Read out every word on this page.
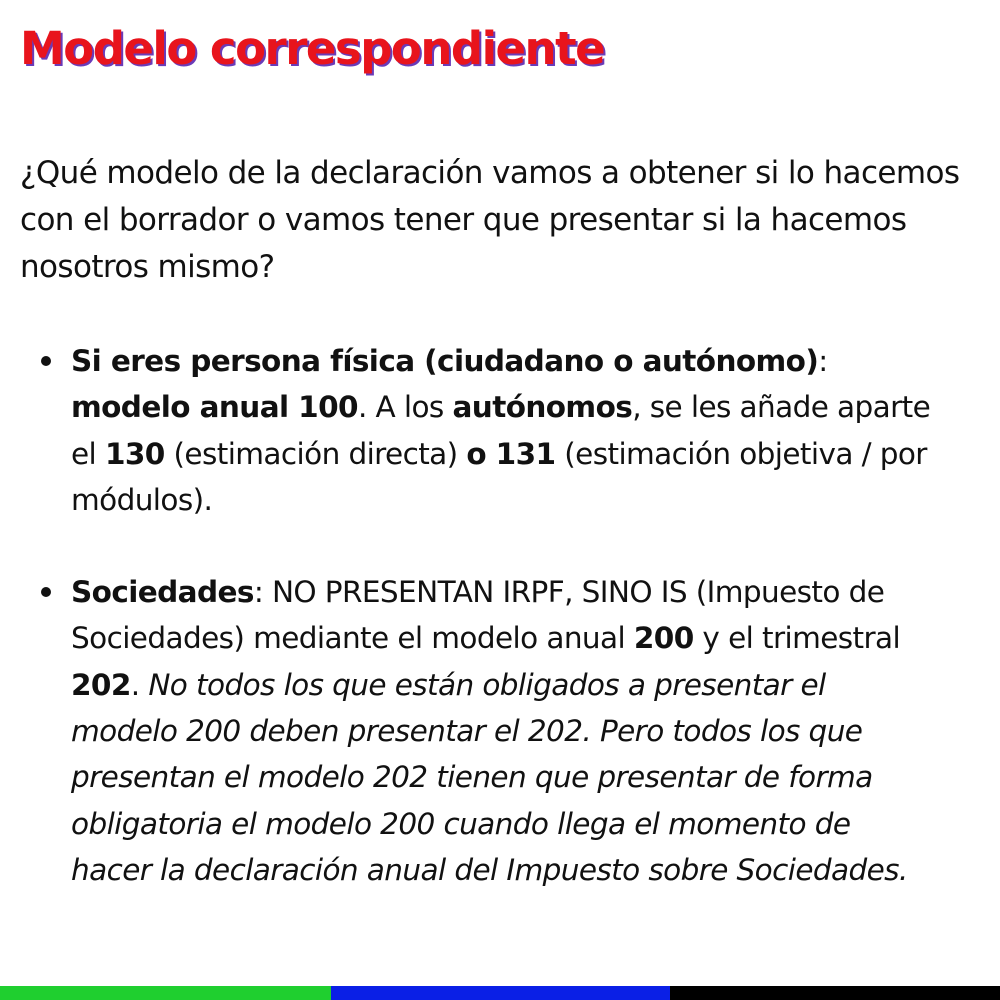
Modelo correspondiente

¿Qué modelo de la declaración vamos a obtener si lo hacemos con el borrador o vamos tener que presentar si la hacemos nosotros mismo?

Si eres persona física (ciudadano o autónomo): modelo anual 100. A los autónomos, se les añade aparte el 130 (estimación directa) o 131 (estimación objetiva / por módulos).
Sociedades: NO PRESENTAN IRPF, SINO IS (Impuesto de Sociedades) mediante el modelo anual 200 y el trimestral 202. No todos los que están obligados a presentar el modelo 200 deben presentar el 202. Pero todos los que presentan el modelo 202 tienen que presentar de forma obligatoria el modelo 200 cuando llega el momento de hacer la declaración anual del Impuesto sobre Sociedades.
